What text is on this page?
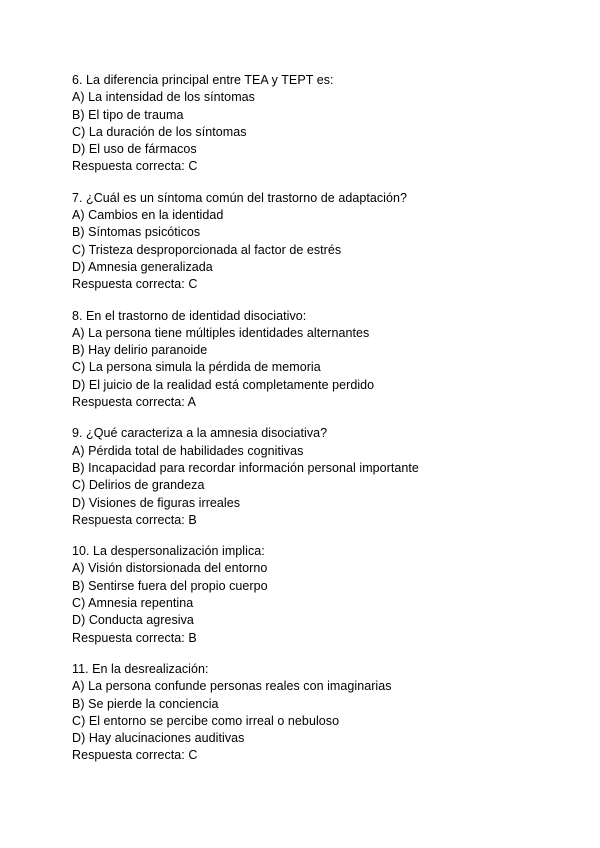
6. La diferencia principal entre TEA y TEPT es:
A) La intensidad de los síntomas
B) El tipo de trauma
C) La duración de los síntomas
D) El uso de fármacos
Respuesta correcta: C
7. ¿Cuál es un síntoma común del trastorno de adaptación?
A) Cambios en la identidad
B) Síntomas psicóticos
C) Tristeza desproporcionada al factor de estrés
D) Amnesia generalizada
Respuesta correcta: C
8. En el trastorno de identidad disociativo:
A) La persona tiene múltiples identidades alternantes
B) Hay delirio paranoide
C) La persona simula la pérdida de memoria
D) El juicio de la realidad está completamente perdido
Respuesta correcta: A
9. ¿Qué caracteriza a la amnesia disociativa?
A) Pérdida total de habilidades cognitivas
B) Incapacidad para recordar información personal importante
C) Delirios de grandeza
D) Visiones de figuras irreales
Respuesta correcta: B
10. La despersonalización implica:
A) Visión distorsionada del entorno
B) Sentirse fuera del propio cuerpo
C) Amnesia repentina
D) Conducta agresiva
Respuesta correcta: B
11. En la desrealización:
A) La persona confunde personas reales con imaginarias
B) Se pierde la conciencia
C) El entorno se percibe como irreal o nebuloso
D) Hay alucinaciones auditivas
Respuesta correcta: C
